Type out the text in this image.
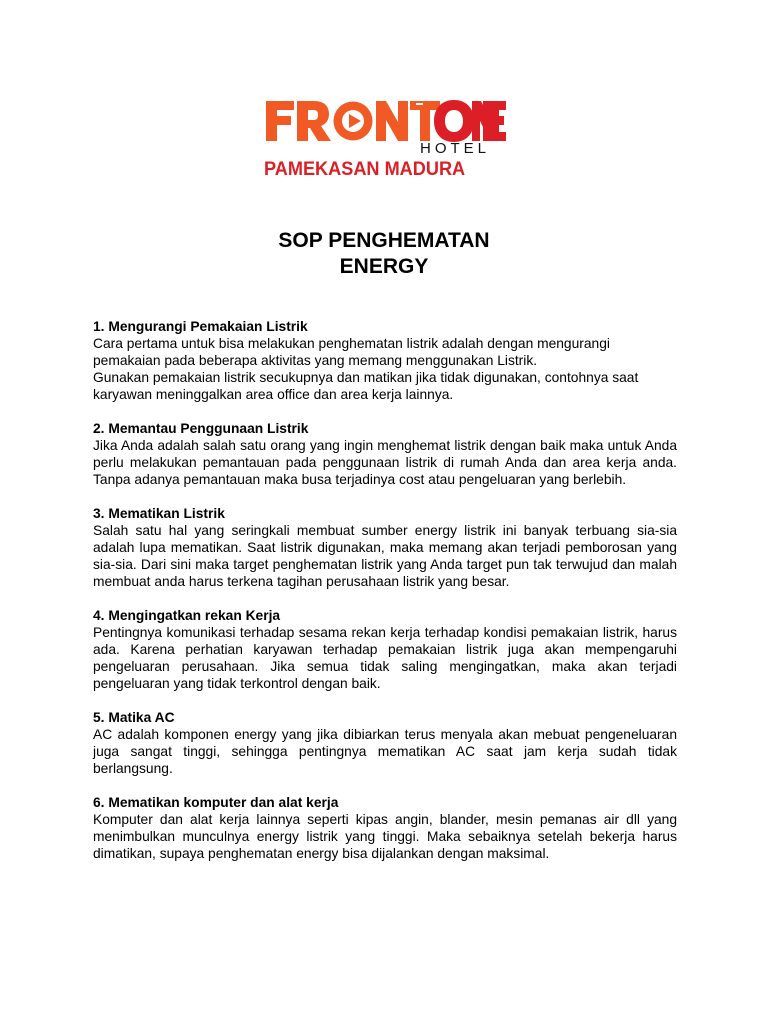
HOTEL
PAMEKASAN MADURA
SOP PENGHEMATAN
ENERGY
1. Mengurangi Pemakaian Listrik
Cara pertama untuk bisa melakukan penghematan listrik adalah dengan mengurangi pemakaian pada beberapa aktivitas yang memang menggunakan Listrik.
Gunakan pemakaian listrik secukupnya dan matikan jika tidak digunakan, contohnya saat karyawan meninggalkan area office dan area kerja lainnya.
2. Memantau Penggunaan Listrik
Jika Anda adalah salah satu orang yang ingin menghemat listrik dengan baik maka untuk Anda perlu melakukan pemantauan pada penggunaan listrik di rumah Anda dan area kerja anda. Tanpa adanya pemantauan maka busa terjadinya cost atau pengeluaran yang berlebih.
3. Mematikan Listrik
Salah satu hal yang seringkali membuat sumber energy listrik ini banyak terbuang sia-sia adalah lupa mematikan. Saat listrik digunakan, maka memang akan terjadi pemborosan yang sia-sia. Dari sini maka target penghematan listrik yang Anda target pun tak terwujud dan malah membuat anda harus terkena tagihan perusahaan listrik yang besar.
4. Mengingatkan rekan Kerja
Pentingnya komunikasi terhadap sesama rekan kerja terhadap kondisi pemakaian listrik, harus ada. Karena perhatian karyawan terhadap pemakaian listrik juga akan mempengaruhi pengeluaran perusahaan. Jika semua tidak saling mengingatkan, maka akan terjadi pengeluaran yang tidak terkontrol dengan baik.
5. Matika AC
AC adalah komponen energy yang jika dibiarkan terus menyala akan mebuat pengeneluaran juga sangat tinggi, sehingga pentingnya mematikan AC saat jam kerja sudah tidak berlangsung.
6. Mematikan komputer dan alat kerja
Komputer dan alat kerja lainnya seperti kipas angin, blander, mesin pemanas air dll yang menimbulkan munculnya energy listrik yang tinggi. Maka sebaiknya setelah bekerja harus dimatikan, supaya penghematan energy bisa dijalankan dengan maksimal.
